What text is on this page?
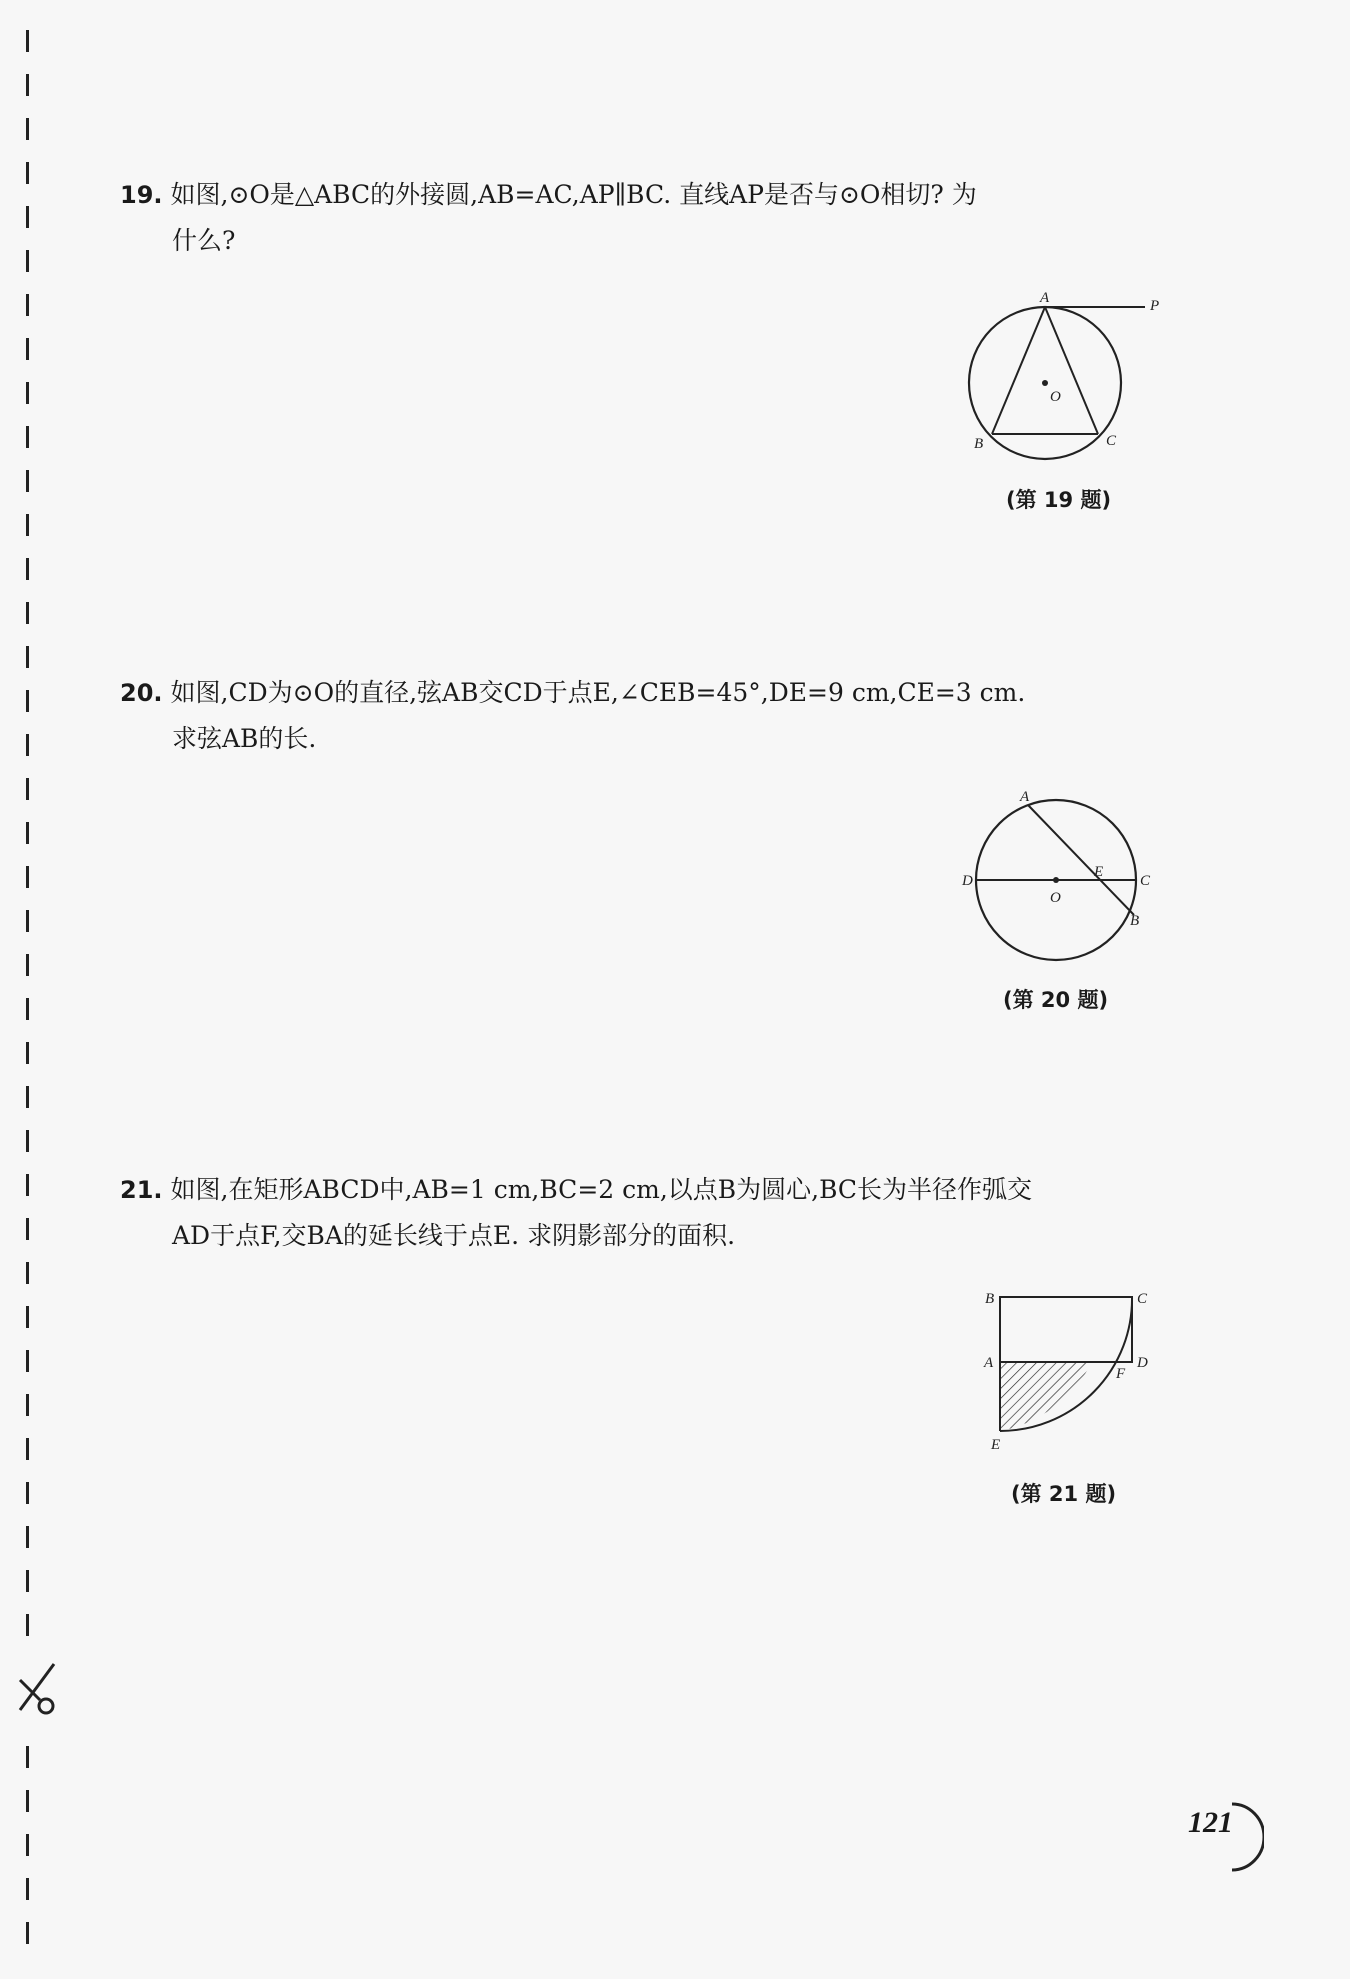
19. 如图,⊙O是△ABC的外接圆,AB=AC,AP∥BC. 直线AP是否与⊙O相切? 为
什么?
A	P
O
B	C
(第 19 题)
20. 如图,CD为⊙O的直径,弦AB交CD于点E,∠CEB=45°,DE=9 cm,CE=3 cm.
求弦AB的长.
A
D
O
E
C
B
(第 20 题)
21. 如图,在矩形ABCD中,AB=1 cm,BC=2 cm,以点B为圆心,BC长为半径作弧交
AD于点F,交BA的延长线于点E. 求阴影部分的面积.
B	C
A	D
F
E
(第 21 题)
121
